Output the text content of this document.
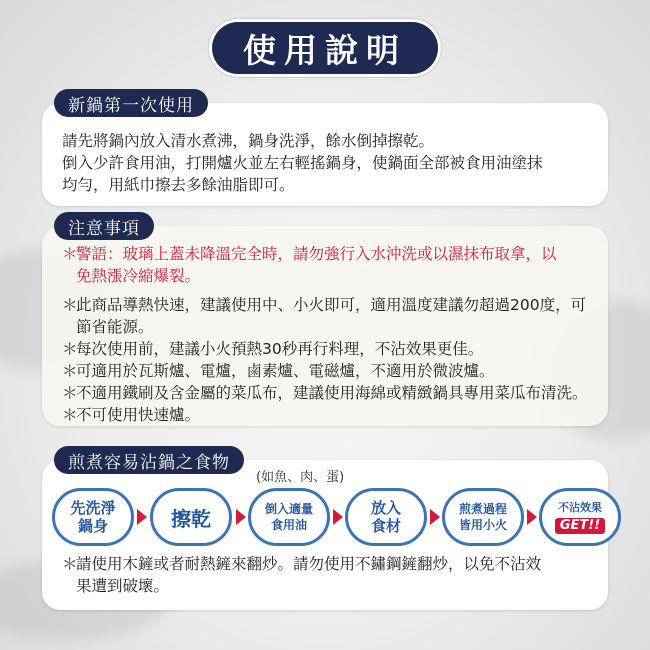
使用說明
新鍋第一次使用
請先將鍋內放入清水煮沸，鍋身洗淨，餘水倒掉擦乾。
倒入少許食用油，打開爐火並左右輕搖鍋身，使鍋面全部被食用油塗抹
均勻，用紙巾擦去多餘油脂即可。
注意事項
＊
警語：玻璃上蓋未降溫完全時，請勿強行入水沖洗或以濕抹布取拿，以
免熱漲冷縮爆裂。
＊
此商品導熱快速，建議使用中、小火即可，適用溫度建議勿超過200度，可
節省能源。
＊
每次使用前，建議小火預熱30秒再行料理，不沾效果更佳。
＊
可適用於瓦斯爐、電爐，鹵素爐、電磁爐，不適用於微波爐。
＊
不適用鐵刷及含金屬的菜瓜布，建議使用海綿或精緻鍋具專用菜瓜布清洗。
＊
不可使用快速爐。
煎煮容易沾鍋之食物
(如魚、肉、蛋)
先洗淨
鍋身	擦乾	倒入適量
食用油
放入
食材
煎煮過程
皆用小火
不沾效果
GET!!
＊
請使用木鏟或者耐熱鏟來翻炒。請勿使用不鏽鋼鏟翻炒，以免不沾效
果遭到破壞。
